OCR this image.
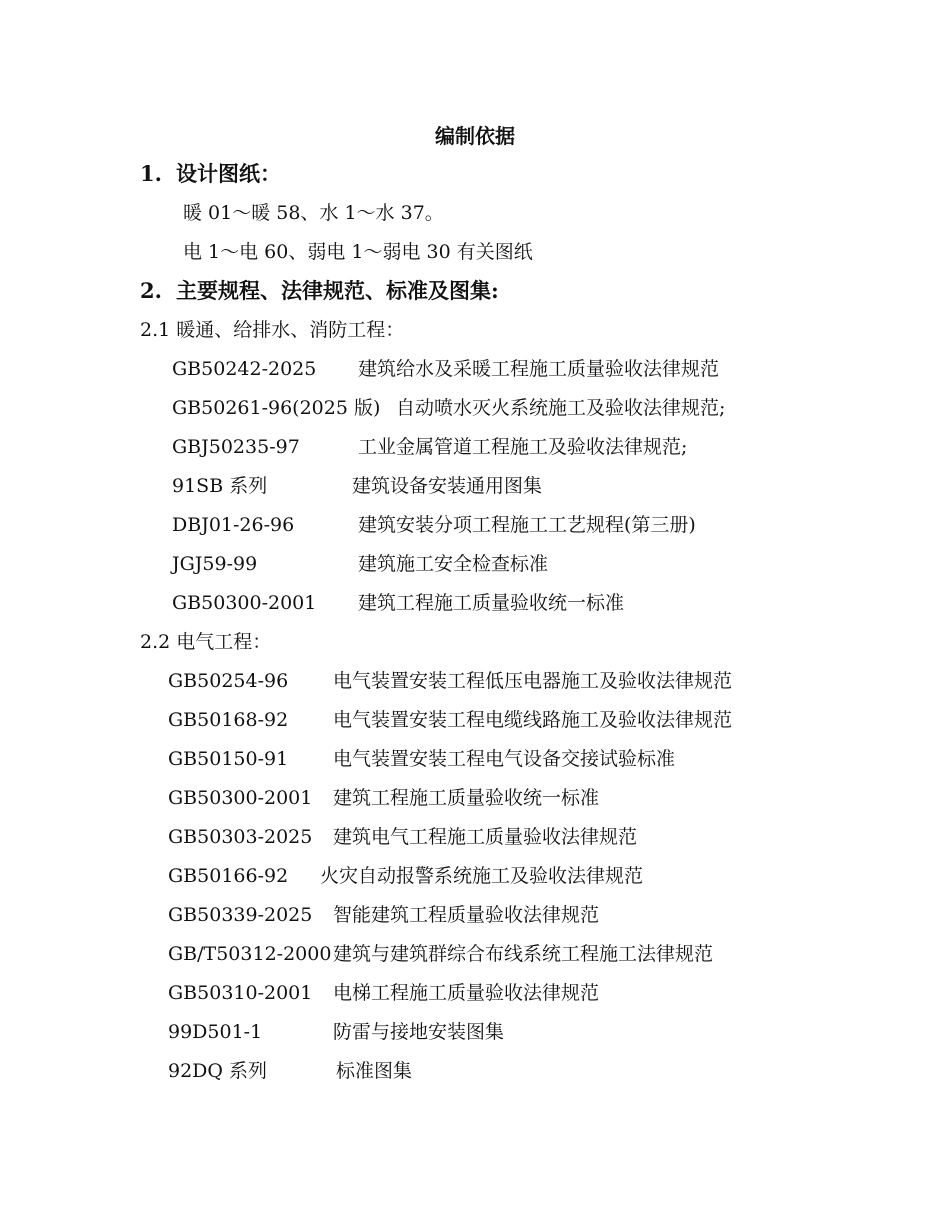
编制依据
1. 设计图纸：
暖 01～暖 58、水 1～水 37。
电 1～电 60、弱电 1～弱电 30 有关图纸
2. 主要规程、法律规范、标准及图集:
2.1 暖通、给排水、消防工程：
GB50242-2025 建筑给水及采暖工程施工质量验收法律规范
GB50261-96(2025 版) 自动喷水灭火系统施工及验收法律规范;
GBJ50235-97	工业金属管道工程施工及验收法律规范;
91SB 系列	建筑设备安装通用图集
DBJ01-26-96	建筑安装分项工程施工工艺规程(第三册)
JGJ59-99	建筑施工安全检查标准
GB50300-2001 建筑工程施工质量验收统一标准
2.2 电气工程：
GB50254-96 电气装置安装工程低压电器施工及验收法律规范
GB50168-92 电气装置安装工程电缆线路施工及验收法律规范
GB50150-91 电气装置安装工程电气设备交接试验标准
GB50300-2001 建筑工程施工质量验收统一标准
GB50303-2025 建筑电气工程施工质量验收法律规范
GB50166-92 火灾自动报警系统施工及验收法律规范
GB50339-2025 智能建筑工程质量验收法律规范
GB/T50312-2000 建筑与建筑群综合布线系统工程施工法律规范
GB50310-2001 电梯工程施工质量验收法律规范
99D501-1	防雷与接地安装图集
92DQ 系列	标准图集
